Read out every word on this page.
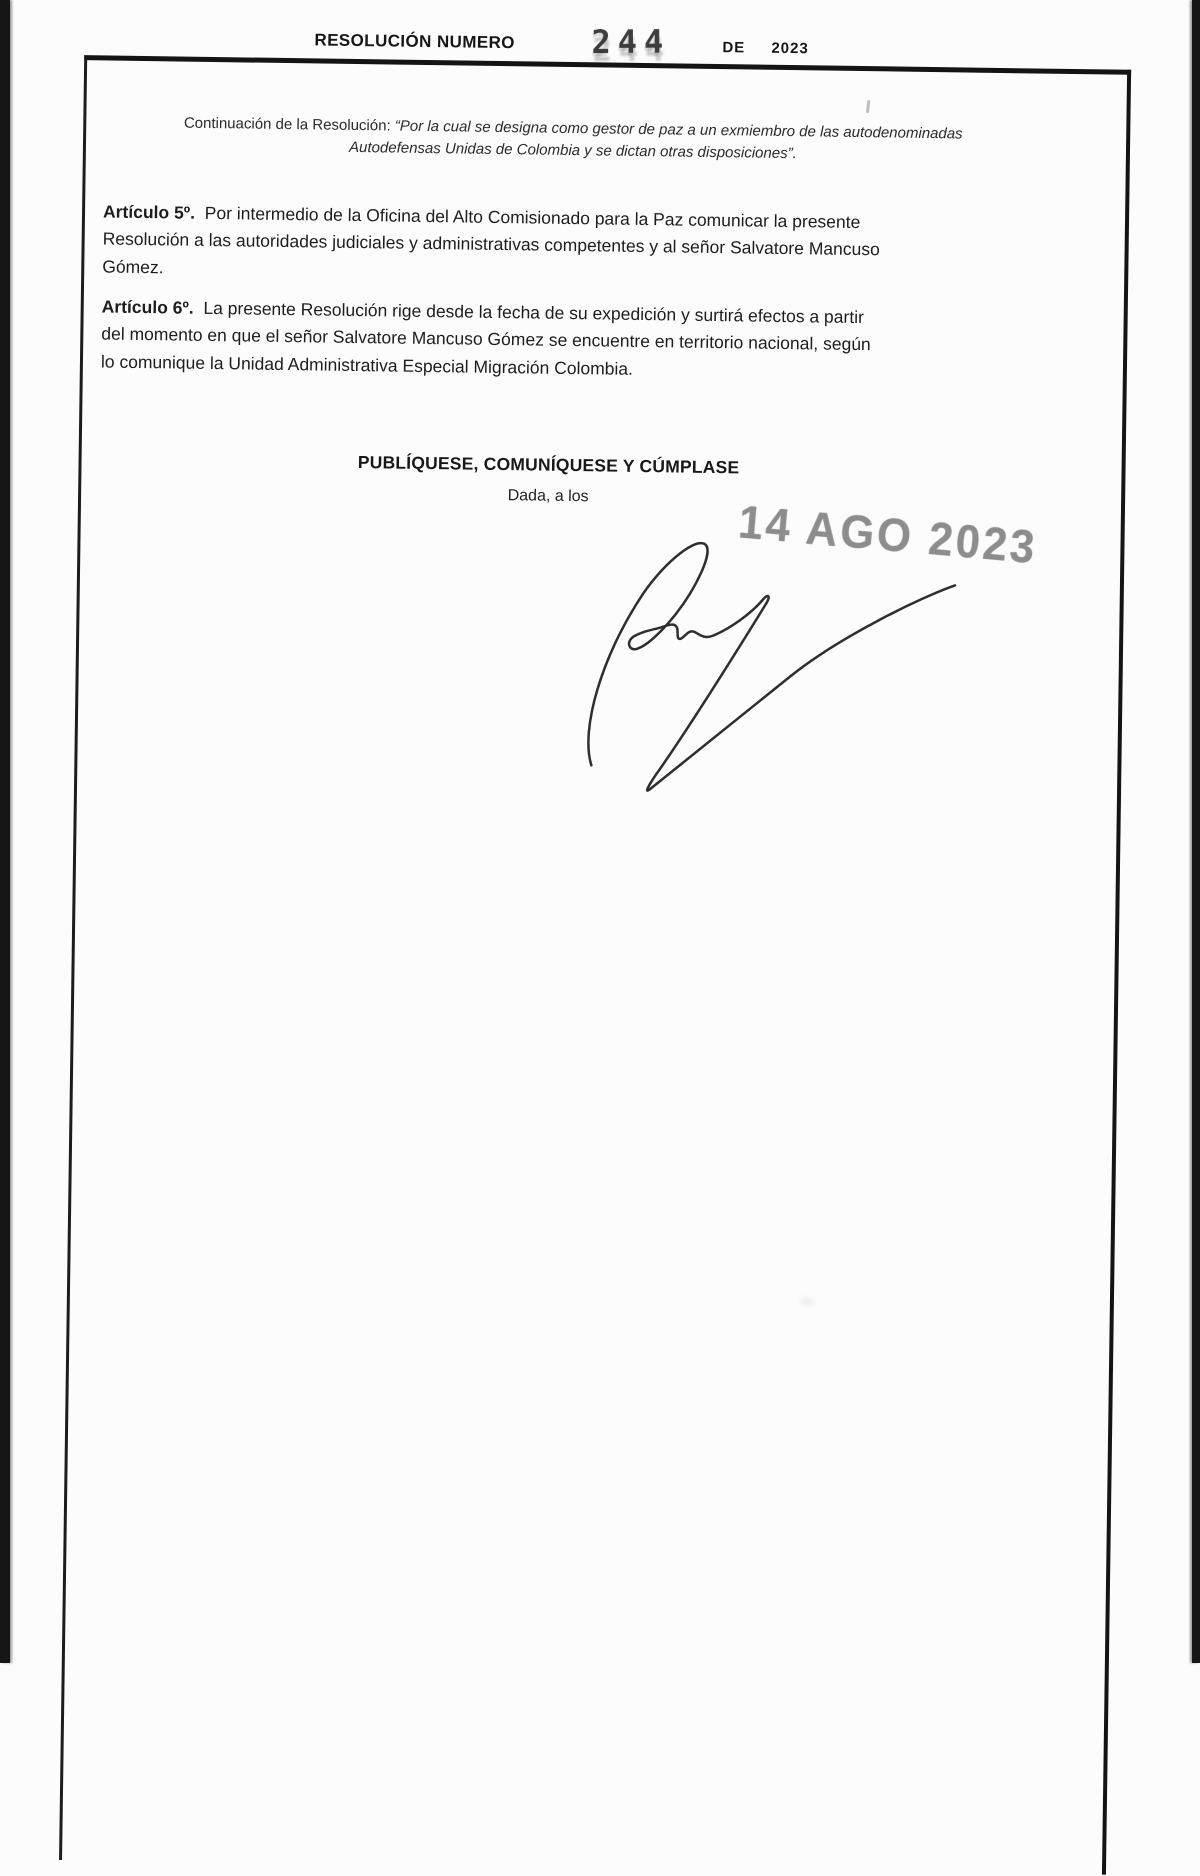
RESOLUCIÓN NUMERO 244	DE 2023
Continuación de la Resolución: “Por la cual se designa como gestor de paz a un exmiembro de las autodenominadas
Autodefensas Unidas de Colombia y se dictan otras disposiciones”.
Artículo 5º. Por intermedio de la Oficina del Alto Comisionado para la Paz comunicar la presente
Resolución a las autoridades judiciales y administrativas competentes y al señor Salvatore Mancuso
Gómez.
Artículo 6º. La presente Resolución rige desde la fecha de su expedición y surtirá efectos a partir
del momento en que el señor Salvatore Mancuso Gómez se encuentre en territorio nacional, según
lo comunique la Unidad Administrativa Especial Migración Colombia.
PUBLÍQUESE, COMUNÍQUESE Y CÚMPLASE
Dada, a los	14 AGO 2023
